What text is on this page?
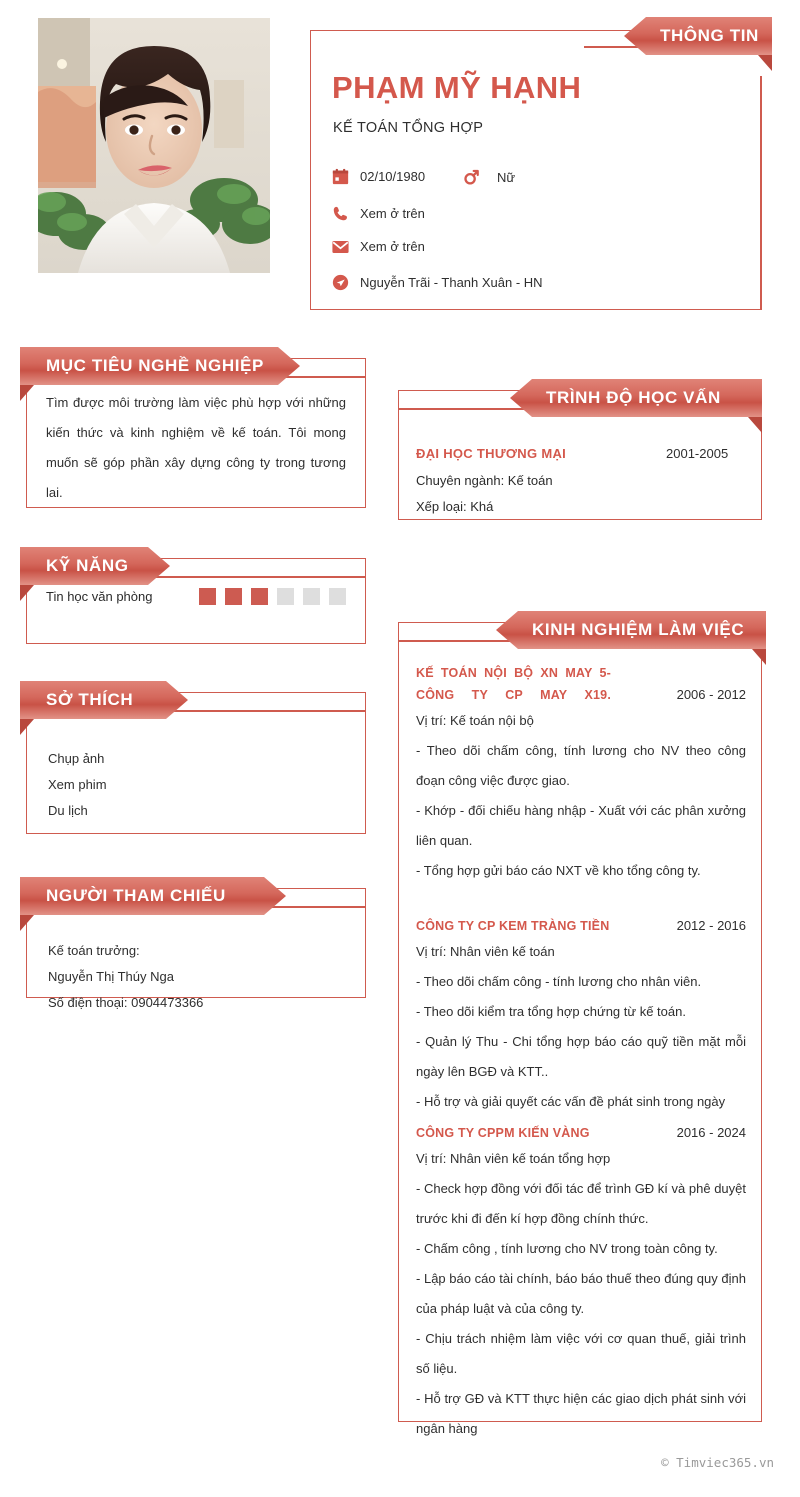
THÔNG TIN
PHẠM MỸ HẠNH
KẾ TOÁN TỔNG HỢP
02/10/1980	Nữ
Xem ở trên
Xem ở trên
Nguyễn Trãi - Thanh Xuân - HN
MỤC TIÊU NGHỀ NGHIỆP
Tìm được môi trường làm việc phù hợp với những kiến thức và kinh nghiệm về kế toán. Tôi mong muốn sẽ góp phần xây dựng công ty trong tương lai.
KỸ NĂNG
Tin học văn phòng
SỞ THÍCH
Chụp ảnh
Xem phim
Du lịch
NGƯỜI THAM CHIẾU
Kế toán trưởng:
Nguyễn Thị Thúy Nga
Số điện thoại: 0904473366
TRÌNH ĐỘ HỌC VẤN
ĐẠI HỌC THƯƠNG MẠI	2001-2005
Chuyên ngành: Kế toán
Xếp loại: Khá
KINH NGHIỆM LÀM VIỆC
KẾ TOÁN NỘI BỘ XN MAY 5- CÔNG TY CP MAY X19.	2006 - 2012
Vị trí: Kế toán nội bộ
- Theo dõi chấm công, tính lương cho NV theo công đoạn công việc được giao.
- Khớp - đối chiếu hàng nhập - Xuất với các phân xưởng liên quan.
- Tổng hợp gửi báo cáo NXT về kho tổng công ty.
CÔNG TY CP KEM TRÀNG TIỀN	2012 - 2016
Vị trí: Nhân viên kế toán
- Theo dõi chấm công - tính lương cho nhân viên.
- Theo dõi kiểm tra tổng hợp chứng từ kế toán.
- Quản lý Thu - Chi tổng hợp báo cáo quỹ tiền mặt mỗi ngày lên BGĐ và KTT..
- Hỗ trợ và giải quyết các vấn đề phát sinh trong ngày
CÔNG TY CPPM KIẾN VÀNG	2016 - 2024
Vị trí: Nhân viên kế toán tổng hợp
- Check hợp đồng với đối tác để trình GĐ kí và phê duyệt trước khi đi đến kí hợp đồng chính thức.
- Chấm công , tính lương cho NV trong toàn công ty.
- Lập báo cáo tài chính, báo báo thuế theo đúng quy định của pháp luật và của công ty.
- Chịu trách nhiệm làm việc với cơ quan thuế, giải trình số liệu.
- Hỗ trợ GĐ và KTT thực hiện các giao dịch phát sinh với ngân hàng
© Timviec365.vn
